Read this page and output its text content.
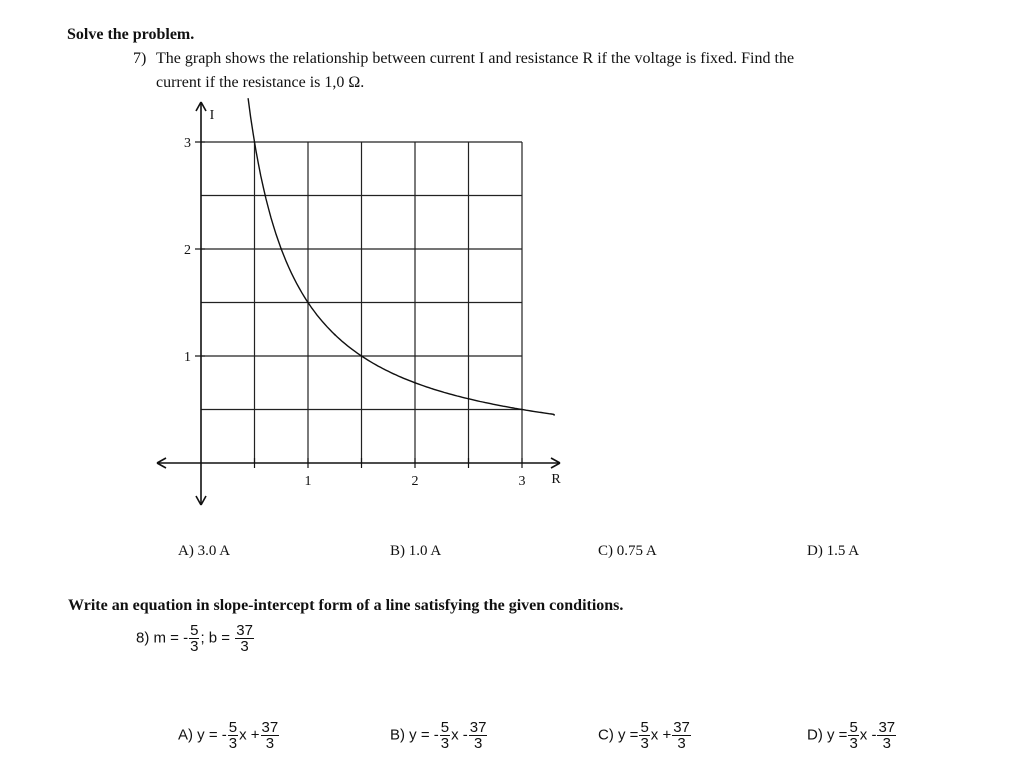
Solve the problem.
7) The graph shows the relationship between current I and resistance R if the voltage is fixed. Find the
current if the resistance is 1,0 Ω.
1	2	3
1
2
3
R
I
A) 3.0 A	B) 1.0 A	C) 0.75 A	D) 1.5 A
Write an equation in slope-intercept form of a line satisfying the given conditions.
8) m = - $\frac{5}{3}$ ; $b = \frac{37}{3}$
A) y = - $\frac{5}{3}$ $x + \frac{37}{3}$	B) y = - $\frac{5}{3}$ x - $\frac{37}{3}$	C) $y = \frac{5}{3}$ $x + \frac{37}{3}$	D) $y = \frac{5}{3}$ x - $\frac{37}{3}$
